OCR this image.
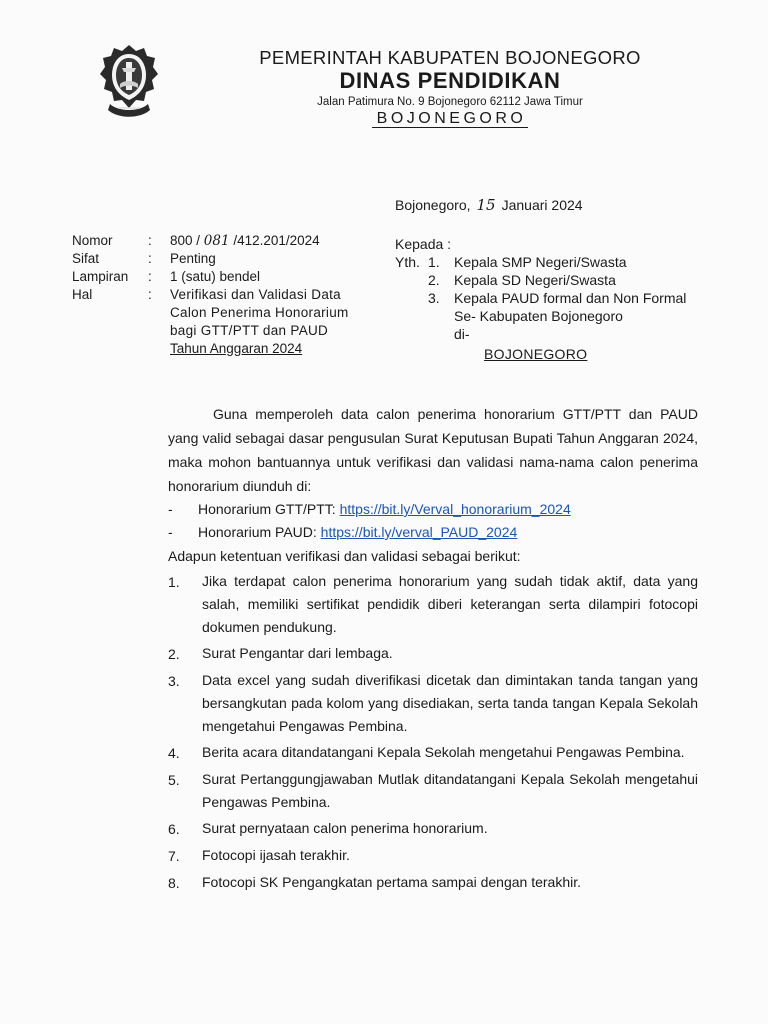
PEMERINTAH KABUPATEN BOJONEGORO
DINAS PENDIDIKAN
Jalan Patimura No. 9 Bojonegoro 62112 Jawa Timur
BOJONEGORO
Bojonegoro, 15 Januari 2024
Nomor	:	800 / 081 /412.201/2024
Sifat	:	Penting
Lampiran	:	1 (satu) bendel
Hal	:	Verifikasi dan Validasi Data
Calon Penerima Honorarium
bagi GTT/PTT dan PAUD
Tahun Anggaran 2024
Kepada :
Yth. 1.	Kepala SMP Negeri/Swasta
2.	Kepala SD Negeri/Swasta
3.	Kepala PAUD formal dan Non Formal
Se- Kabupaten Bojonegoro
di-
BOJONEGORO
Guna memperoleh data calon penerima honorarium GTT/PTT dan PAUD yang valid sebagai dasar pengusulan Surat Keputusan Bupati Tahun Anggaran 2024, maka mohon bantuannya untuk verifikasi dan validasi nama-nama calon penerima honorarium diunduh di:
-	Honorarium GTT/PTT:
https://bit.ly/Verval_honorarium_2024
-	Honorarium PAUD:
https://bit.ly/verval_PAUD_2024
Adapun ketentuan verifikasi dan validasi sebagai berikut:
1.	Jika terdapat calon penerima honorarium yang sudah tidak aktif, data yang salah, memiliki sertifikat pendidik diberi keterangan serta dilampiri fotocopi dokumen pendukung.
2.	Surat Pengantar dari lembaga.
3.	Data excel yang sudah diverifikasi dicetak dan dimintakan tanda tangan yang bersangkutan pada kolom yang disediakan, serta tanda tangan Kepala Sekolah mengetahui Pengawas Pembina.
4.	Berita acara ditandatangani Kepala Sekolah mengetahui Pengawas Pembina.
5.	Surat Pertanggungjawaban Mutlak ditandatangani Kepala Sekolah mengetahui Pengawas Pembina.
6.	Surat pernyataan calon penerima honorarium.
7.	Fotocopi ijasah terakhir.
8.	Fotocopi SK Pengangkatan pertama sampai dengan terakhir.
